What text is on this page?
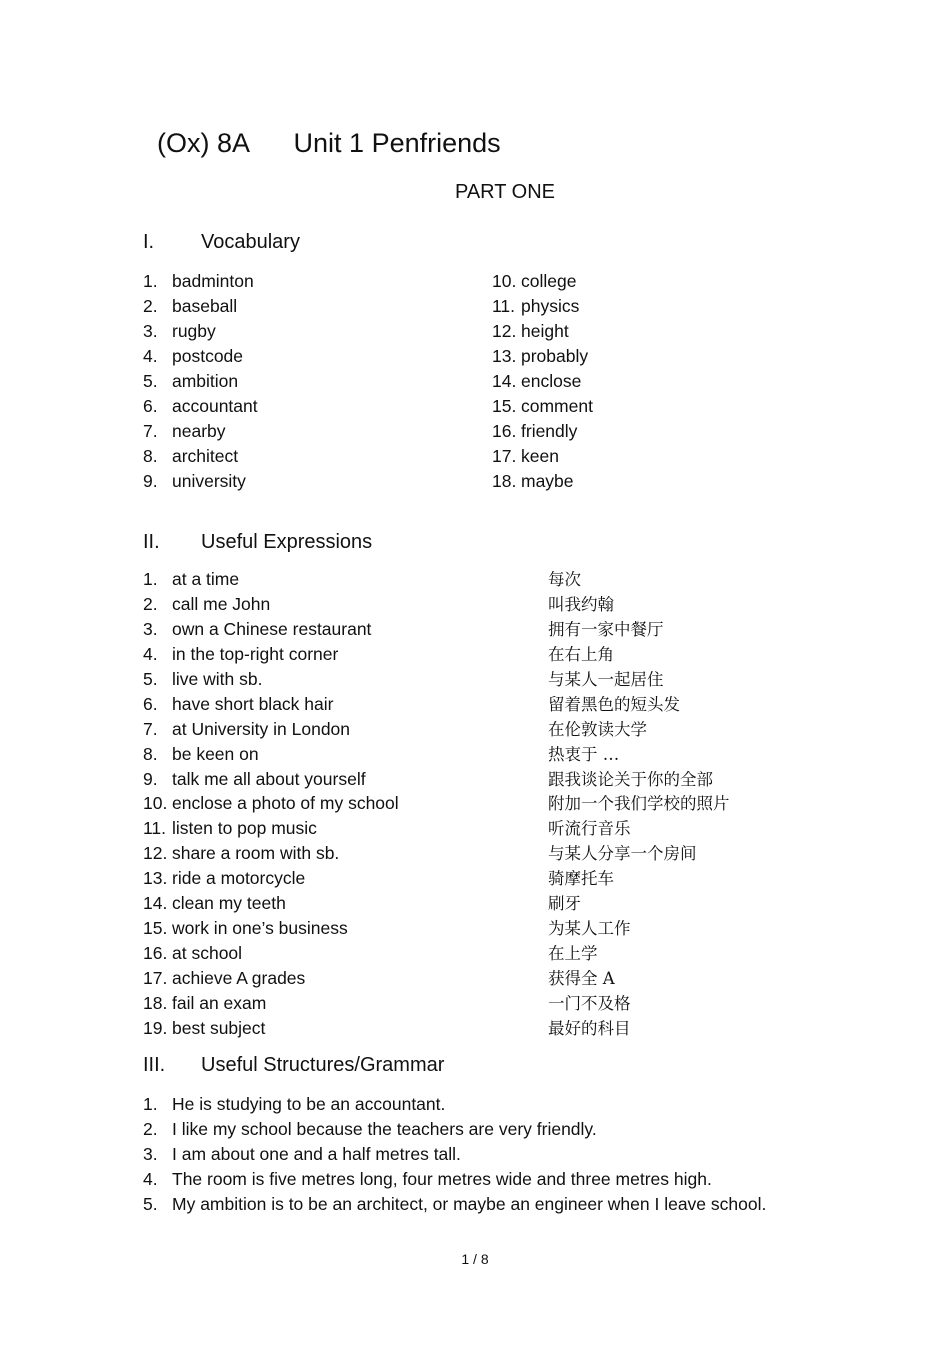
(Ox) 8A      Unit 1 Penfriends
PART ONE
I. Vocabulary
1. badminton
2. baseball
3. rugby
4. postcode
5. ambition
6. accountant
7. nearby
8. architect
9. university
10. college
11. physics
12. height
13. probably
14. enclose
15. comment
16. friendly
17. keen
18. maybe
II. Useful Expressions
1. at a time
2. call me John
3. own a Chinese restaurant
4. in the top-right corner
5. live with sb.
6. have short black hair
7. at University in London
8. be keen on
9. talk me all about yourself
10. enclose a photo of my school
11. listen to pop music
12. share a room with sb.
13. ride a motorcycle
14. clean my teeth
15. work in one’s business
16. at school
17. achieve A grades
18. fail an exam
19. best subject
每次
叫我约翰
拥有一家中餐厅
在右上角
与某人一起居住
留着黑色的短头发
在伦敦读大学
热衷于 …
跟我谈论关于你的全部
附加一个我们学校的照片
听流行音乐
与某人分享一个房间
骑摩托车
刷牙
为某人工作
在上学
获得全 A
一门不及格
最好的科目
III. Useful Structures/Grammar
1. He is studying to be an accountant.
2. I like my school because the teachers are very friendly.
3. I am about one and a half metres tall.
4. The room is five metres long, four metres wide and three metres high.
5. My ambition is to be an architect, or maybe an engineer when I leave school.
1 / 8
